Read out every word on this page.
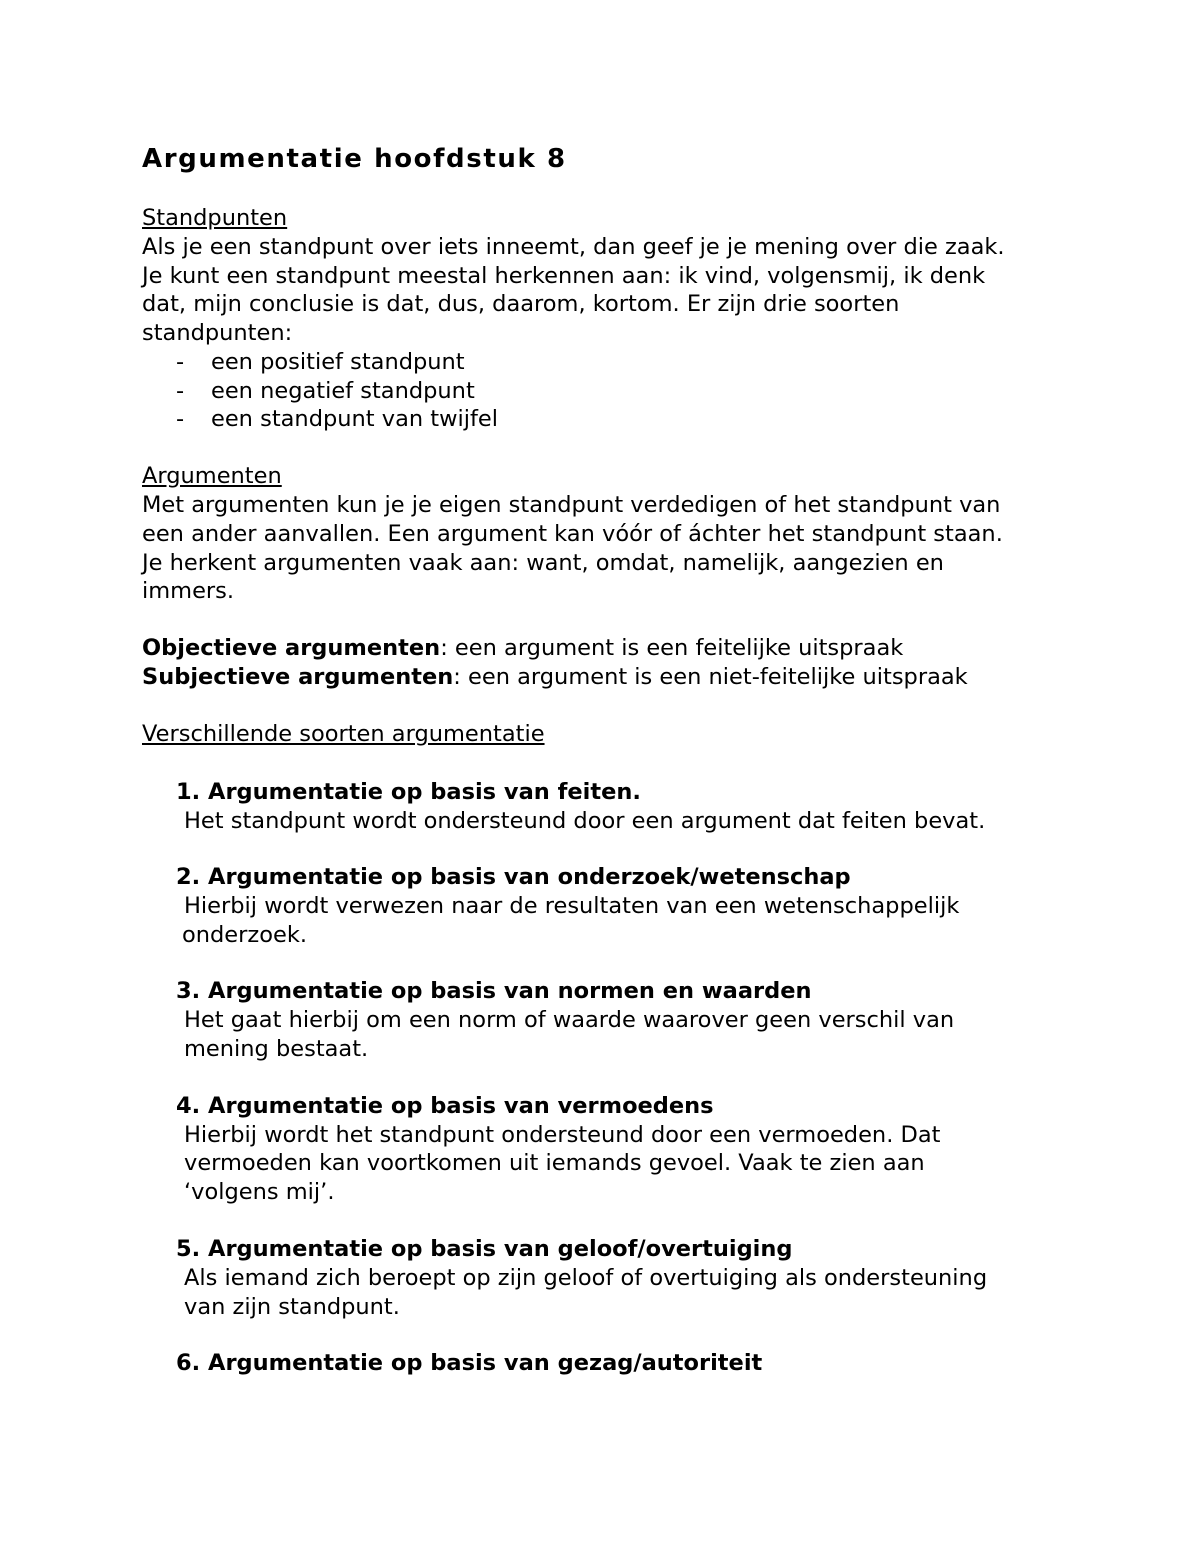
Argumentatie hoofdstuk 8
Standpunten
Als je een standpunt over iets inneemt, dan geef je je mening over die zaak.
Je kunt een standpunt meestal herkennen aan: ik vind, volgensmij, ik denk
dat, mijn conclusie is dat, dus, daarom, kortom. Er zijn drie soorten
standpunten:
- een positief standpunt
- een negatief standpunt
- een standpunt van twijfel
Argumenten
Met argumenten kun je je eigen standpunt verdedigen of het standpunt van
een ander aanvallen. Een argument kan vóór of áchter het standpunt staan.
Je herkent argumenten vaak aan: want, omdat, namelijk, aangezien en
immers.
Objectieve argumenten: een argument is een feitelijke uitspraak
Subjectieve argumenten: een argument is een niet-feitelijke uitspraak
Verschillende soorten argumentatie
1. Argumentatie op basis van feiten.
Het standpunt wordt ondersteund door een argument dat feiten bevat.
2. Argumentatie op basis van onderzoek/wetenschap
Hierbij wordt verwezen naar de resultaten van een wetenschappelijk
onderzoek.
3. Argumentatie op basis van normen en waarden
Het gaat hierbij om een norm of waarde waarover geen verschil van
mening bestaat.
4. Argumentatie op basis van vermoedens
Hierbij wordt het standpunt ondersteund door een vermoeden. Dat
vermoeden kan voortkomen uit iemands gevoel. Vaak te zien aan
‘volgens mij’.
5. Argumentatie op basis van geloof/overtuiging
Als iemand zich beroept op zijn geloof of overtuiging als ondersteuning
van zijn standpunt.
6. Argumentatie op basis van gezag/autoriteit
